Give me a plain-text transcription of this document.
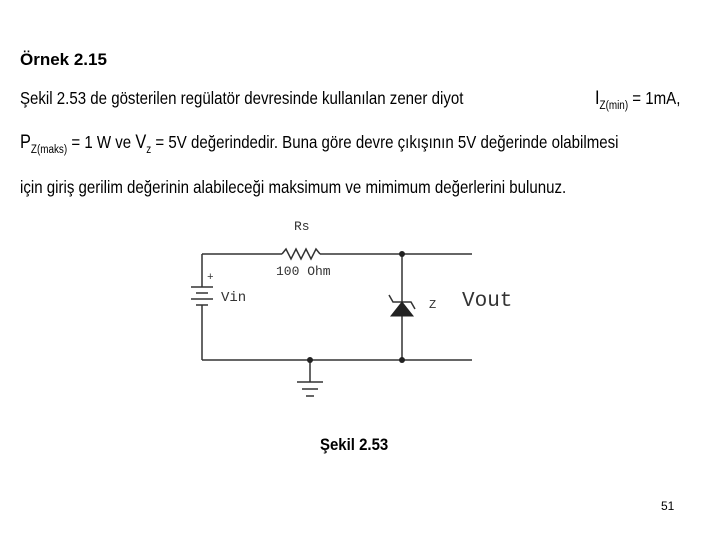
Örnek 2.15
Şekil 2.53 de gösterilen regülatör devresinde kullanılan zener diyot	$I_{Z(min)} = 1mA$,
$P_{Z(maks)} = 1$ W ve $V_z = 5V$ değerindedir. Buna göre devre çıkışının 5V değerinde olabilmesi
için giriş gerilim değerinin alabileceği maksimum ve mimimum değerlerini bulunuz.
Rs
100 Ohm
+
Vin	Z Vout
Şekil 2.53
51
